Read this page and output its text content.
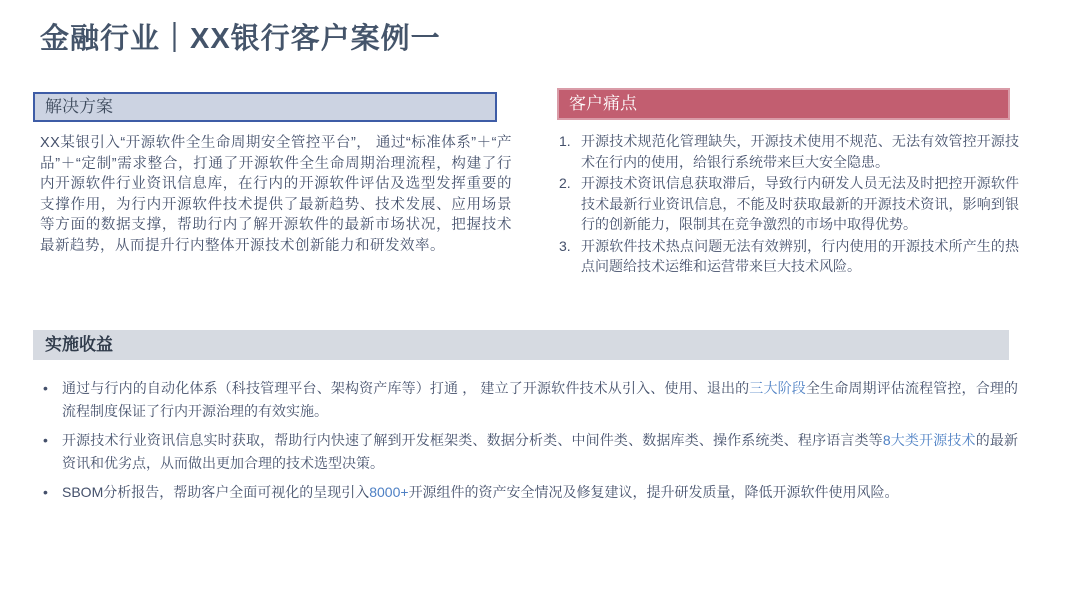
金融行业｜XX银行客户案例一
解决方案

XX某银引入“开源软件全生命周期安全管控平台”， 通过“标准体系”＋“产品”＋“定制”需求整合，打通了开源软件全生命周期治理流程，构建了行内开源软件行业资讯信息库，在行内的开源软件评估及选型发挥重要的支撑作用，为行内开源软件技术提供了最新趋势、技术发展、应用场景等方面的数据支撑，帮助行内了解开源软件的最新市场状况，把握技术最新趋势，从而提升行内整体开源技术创新能力和研发效率。

客户痛点
开源技术规范化管理缺失，开源技术使用不规范、无法有效管控开源技术在行内的使用，给银行系统带来巨大安全隐患。
开源技术资讯信息获取滞后，导致行内研发人员无法及时把控开源软件技术最新行业资讯信息，不能及时获取最新的开源技术资讯，影响到银行的创新能力，限制其在竞争激烈的市场中取得优势。
开源软件技术热点问题无法有效辨别，行内使用的开源技术所产生的热点问题给技术运维和运营带来巨大技术风险。
实施收益
• 通过与行内的自动化体系（科技管理平台、架构资产库等）打通 ， 建立了开源软件技术从引入、使用、退出的三大阶段全生命周期评估流程管控，合理的流程制度保证了行内开源治理的有效实施。
• 开源技术行业资讯信息实时获取，帮助行内快速了解到开发框架类、数据分析类、中间件类、数据库类、操作系统类、程序语言类等8大类开源技术的最新资讯和优劣点，从而做出更加合理的技术选型决策。
• SBOM分析报告，帮助客户全面可视化的呈现引入8000+开源组件的资产安全情况及修复建议，提升研发质量，降低开源软件使用风险。
